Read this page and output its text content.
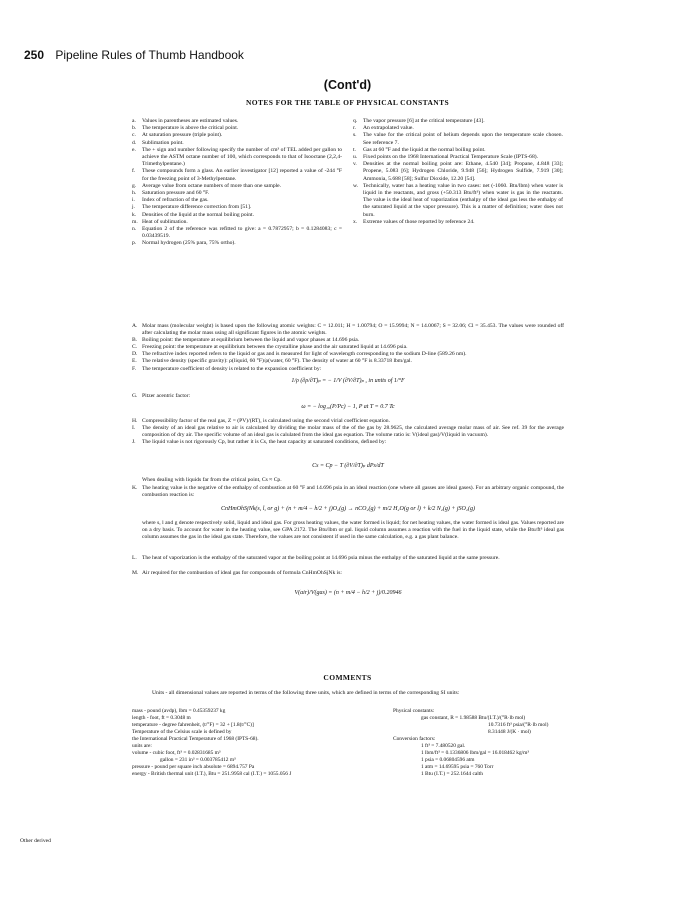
250 Pipeline Rules of Thumb Handbook
(Cont'd)
NOTES FOR THE TABLE OF PHYSICAL CONSTANTS
a.	Values in parentheses are estimated values.
b.	The temperature is above the critical point.
c.	At saturation pressure (triple point).
d.	Sublimation point.
e.	The + sign and number following specify the number of cm³ of TEL added per gallon to achieve the ASTM octane number of 100, which corresponds to that of Isooctane (2,2,4-Trimethylpentane.)
f.	These compounds form a glass. An earlier investigator [12] reported a value of -244 °F for the freezing point of 3-Methylpentane.
g.	Average value from octane numbers of more than one sample.
h.	Saturation pressure and 60 °F.
i.	Index of refraction of the gas.
j.	The temperature difference correction from [51].
k.	Densities of the liquid at the normal boiling point.
m. Heat of sublimation.
n.	Equation 2 of the reference was refitted to give: a = 0.7872957; b = 0.1284083; c = 0.03439519.
p.	Normal hydrogen (25% para, 75% ortho).
q.	The vapor pressure [6] at the critical temperature [43].
r.	An extrapolated value.
s.	The value for the critical point of helium depends upon the temperature scale chosen. See reference 7.
t.	Gas at 60 °F and the liquid at the normal boiling point.
u.	Fixed points on the 1968 International Practical Temperature Scale (IPTS-68).
v.	Densities at the normal boiling point are: Ethane, 4.540 [34]; Propane, 4.848 [33]; Propene, 5.083 [6]; Hydrogen Chloride, 9.948 [56]; Hydrogen Sulfide, 7.919 [30]; Ammonia, 5.688 [58]; Sulfur Dioxide, 12.20 [54].
w. Technically, water has a heating value in two cases: net (-1060. Btu/lbm) when water is liquid in the reactants, and gross (+50.313 Btu/ft³) when water is gas in the reactants. The value is the ideal heat of vaporization (enthalpy of the ideal gas less the enthalpy of the saturated liquid at the vapor pressure). This is a matter of definition; water does not burn.
x.	Extreme values of those reported by reference 24.
A. Molar mass (molecular weight) is based upon the following atomic weights: C = 12.011; H = 1.00794; O = 15.9994; N = 14.0067; S = 32.06; Cl = 35.453. The values were rounded off after calculating the molar mass using all significant figures in the atomic weights.
B. Boiling point: the temperature at equilibrium between the liquid and vapor phases at 14.696 psia.
C. Freezing point: the temperature at equilibrium between the crystalline phase and the air saturated liquid at 14.696 psia.
D. The refractive index reported refers to the liquid or gas and is measured for light of wavelength corresponding to the sodium D-line (589.26 nm).
E. The relative density (specific gravity): ρ(liquid, 60 °F)/ρ(water, 60 °F). The density of water at 60 °F is 8.33718 lbm/gal.
F.	The temperature coefficient of density is related to the expansion coefficient by:
1/ρ (∂ρ/∂T)ₚ = − 1/V (∂V/∂T)ₚ , in units of 1/°F
G. Pitzer acentric factor:
ω = − log₁₀(P/Pc) − 1, P at T = 0.7 Tc
H. Compressibility factor of the real gas, Z = (PV)/(RT), is calculated using the second virial coefficient equation.
I.	The density of an ideal gas relative to air is calculated by dividing the molar mass of the of the gas by 28.9625, the calculated average molar mass of air. See ref. 39 for the average composition of dry air. The specific volume of an ideal gas is calulated from the ideal gas equation. The volume ratio is: V(ideal gas)/V(liquid in vacuum).
J.	The liquid value is not rigorously Cp, but rather it is Cs, the heat capacity at saturated conditions, defined by:
Cs = Cp − T (∂V/∂T)ₚ dPs/dT
When dealing with liquids far from the critical point, Cs ≈ Cp.
K. The heating value is the negative of the enthalpy of combustion at 60 °F and 14.696 psia in an ideal reaction (one where all gasses are ideal gases). For an arbitrary organic compound, the combustion reaction is:
CnHmOhSjNk(s, l, or g) + (n + m/4 − h/2 + j)O₂(g) → nCO₂(g) + m/2 H₂O(g or l) + k/2 N₂(g) + jSO₂(g)
where s, l and g denote respectively solid, liquid and ideal gas. For gross heating values, the water formed is liquid; for net heating values, the water formed is ideal gas. Values reported are on a dry basis. To account for water in the heating value, see GPA 2172. The Btu/lbm or gal. liquid column assumes a reaction with the fuel in the liquid state, while the Btu/ft³ ideal gas column assumes the gas in the ideal gas state. Therefore, the values are not consistent if used in the same calculation, e.g. a gas plant balance.
L. The heat of vaporization is the enthalpy of the saturated vapor at the boiling point at 14.696 psia minus the enthalpy of the saturated liquid at the same pressure.
M. Air required for the combustion of ideal gas for compounds of formula CnHmOhSjNk is:
V(air)/V(gas) = (n + m/4 − h/2 + j)/0.20946
COMMENTS
Units - all dimensional values are reported in terms of the following three units, which are defined in terms of the corresponding SI units:
mass - pound (avdp), lbm = 0.45359237 kg
length - foot, ft = 0.3048 m
temperature - degree fahrenheit, (t/°F) = 32 + [1.8(t/°C)]
Temperature of the Celsius scale is defined by
the International Practical Temperature of 1968 (IPTS-68).
units are:
volume - cubic foot, ft³ = 0.02831685 m³
gallon = 231 in³ = 0.003785412 m³
pressure - pound per square inch absolute = 6894.757 Pa
energy - British thermal unit (I.T.), Btu = 251.9958 cal (I.T.) = 1055.056 J
Physical constants:
gas constant, R = 1.98588 Btu/(I.T.)/(°R·lb mol)
10.7316 ft³ psia/(°R·lb mol)
8.31448 J/(K · mol)
Conversion factors:
1 ft³ = 7.480520 gal.
1 lbm/ft³ = 0.1336806 lbm/gal = 16.018462 kg/m³
1 psia = 0.06804596 atm
1 atm = 14.69595 psia = 760 Torr
1 Btu (I.T.) = 252.1644 calth
Other derived
